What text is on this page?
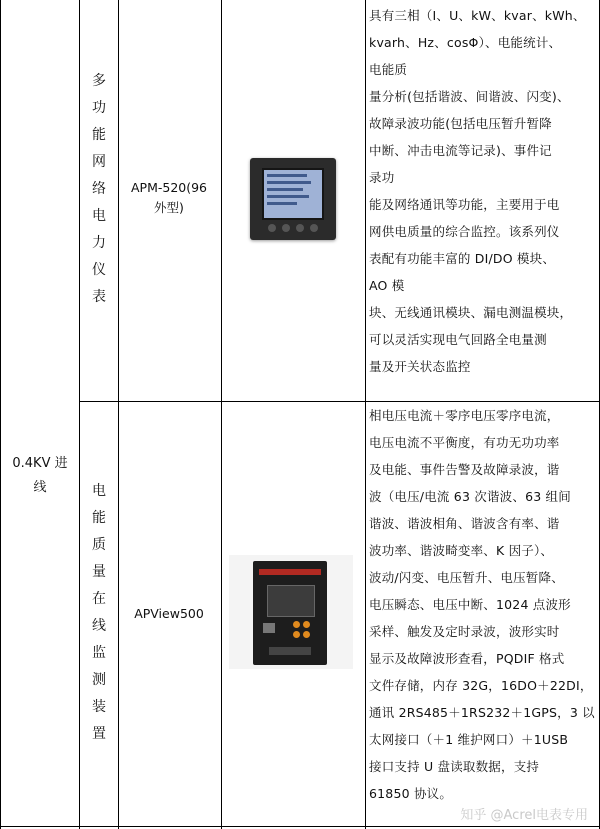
0.4KV 进
线
多
功
能
网
络
电
力
仪
表
APM-520(96
外型)
具有三相（I、U、kW、kvar、kWh、
kvarh、Hz、cosΦ）、电能统计、
电能质
量分析(包括谐波、间谐波、闪变)、
故障录波功能(包括电压暂升暂降
中断、冲击电流等记录)、事件记
录功
能及网络通讯等功能，主要用于电
网供电质量的综合监控。该系列仪
表配有功能丰富的 DI/DO 模块、
AO 模
块、无线通讯模块、漏电测温模块，
可以灵活实现电气回路全电量测
量及开关状态监控
电
能
质
量
在
线
监
测
装
置
APView500
相电压电流＋零序电压零序电流，
电压电流不平衡度，有功无功功率
及电能、事件告警及故障录波，谐
波（电压/电流 63 次谐波、63 组间
谐波、谐波相角、谐波含有率、谐
波功率、谐波畸变率、K 因子）、
波动/闪变、电压暂升、电压暂降、
电压瞬态、电压中断、1024 点波形
采样、触发及定时录波，波形实时
显示及故障波形查看，PQDIF 格式
文件存储，内存 32G，16DO＋22DI，
通讯 2RS485＋1RS232＋1GPS，3 以
太网接口（＋1 维护网口）＋1USB
接口支持 U 盘读取数据，支持
61850 协议。
知乎 @Acrel电表专用
